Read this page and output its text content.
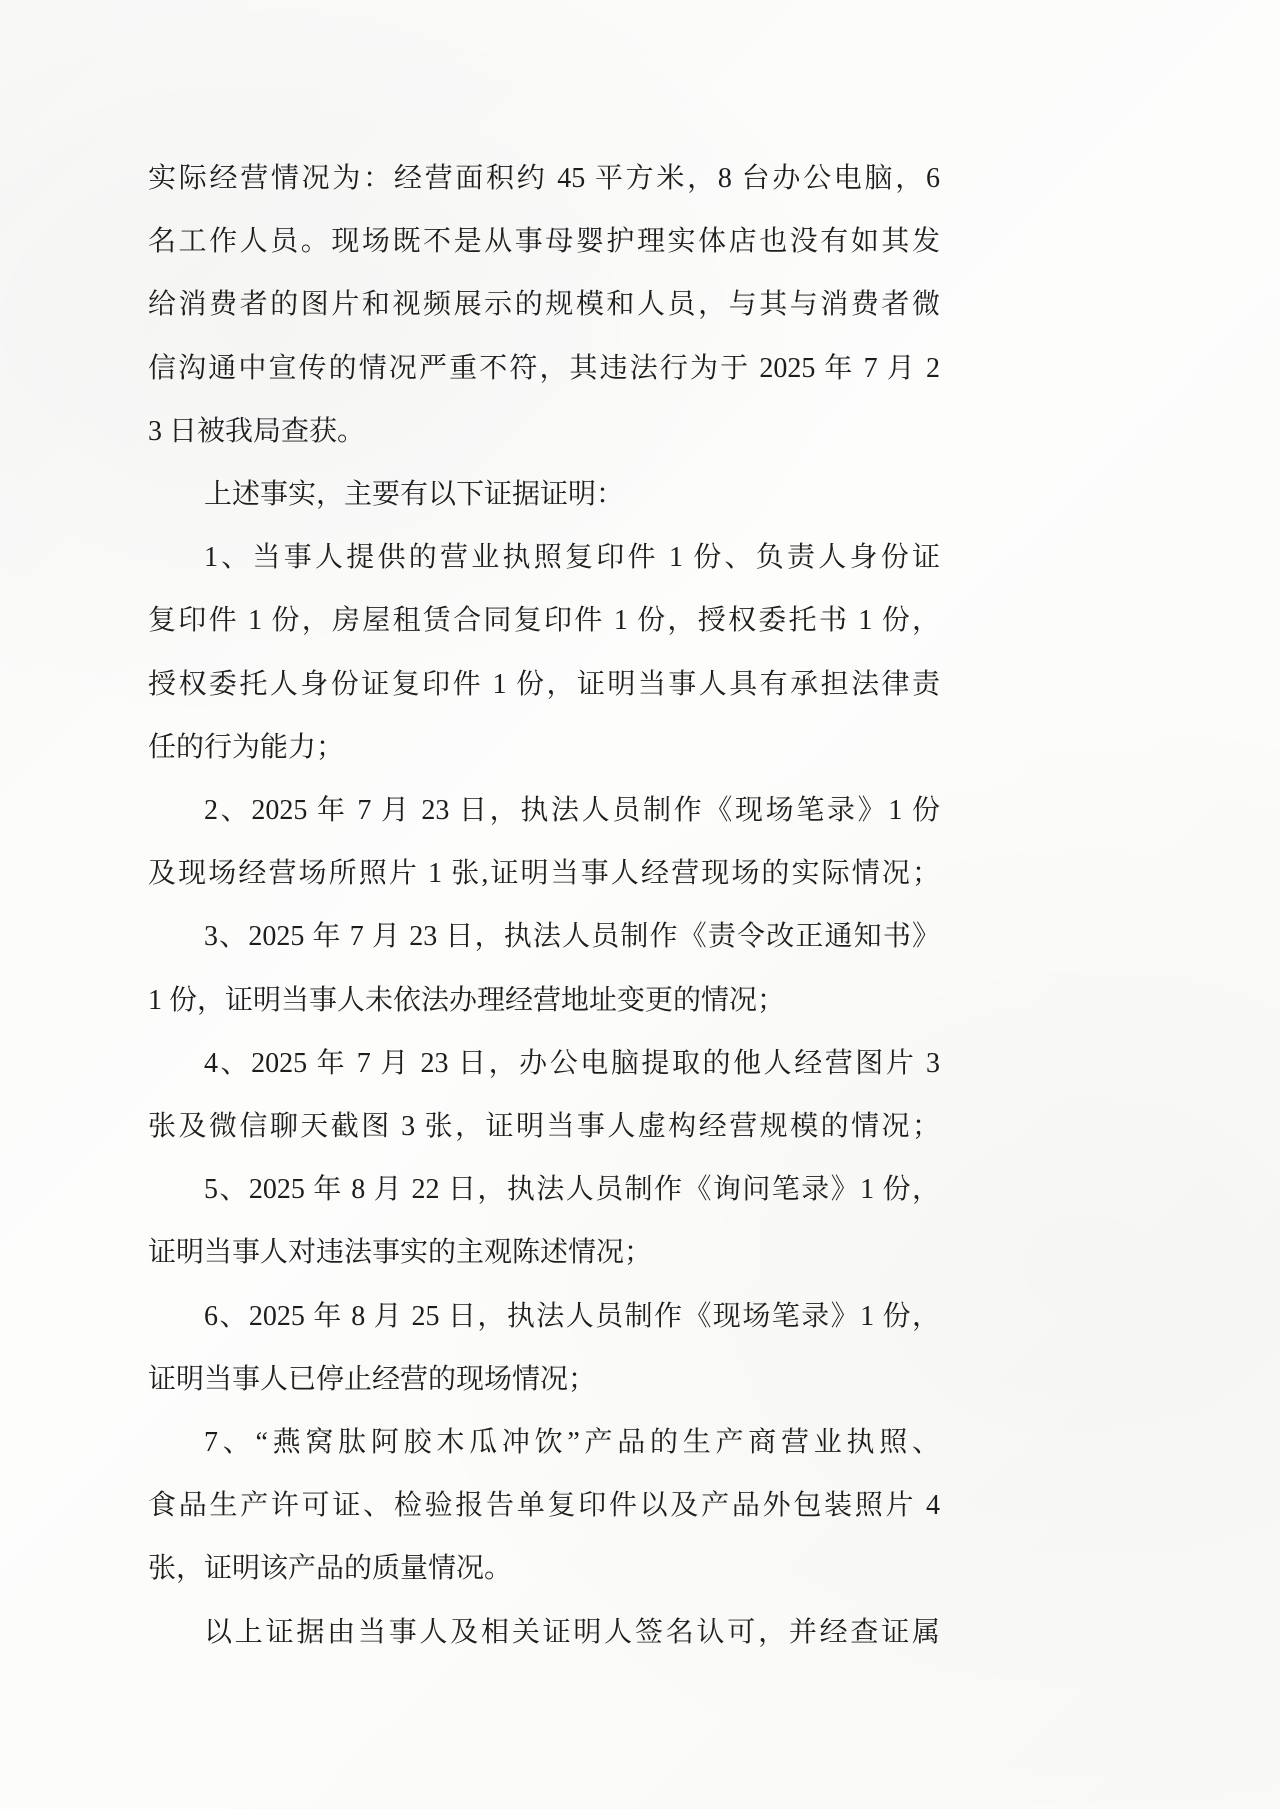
实际经营情况为：经营面积约 45 平方米，8 台办公电脑，6
名工作人员。现场既不是从事母婴护理实体店也没有如其发
给消费者的图片和视频展示的规模和人员，与其与消费者微
信沟通中宣传的情况严重不符，其违法行为于 2025 年 7 月 2
3 日被我局查获。
上述事实，主要有以下证据证明：
1、当事人提供的营业执照复印件 1 份、负责人身份证
复印件 1 份，房屋租赁合同复印件 1 份，授权委托书 1 份，
授权委托人身份证复印件 1 份，证明当事人具有承担法律责
任的行为能力；
2、2025 年 7 月 23 日，执法人员制作《现场笔录》1 份
及现场经营场所照片 1 张,证明当事人经营现场的实际情况；
3、2025 年 7 月 23 日，执法人员制作《责令改正通知书》
1 份，证明当事人未依法办理经营地址变更的情况；
4、2025 年 7 月 23 日，办公电脑提取的他人经营图片 3
张及微信聊天截图 3 张，证明当事人虚构经营规模的情况；
5、2025 年 8 月 22 日，执法人员制作《询问笔录》1 份，
证明当事人对违法事实的主观陈述情况；
6、2025 年 8 月 25 日，执法人员制作《现场笔录》1 份，
证明当事人已停止经营的现场情况；
7、“燕窝肽阿胶木瓜冲饮”产品的生产商营业执照、
食品生产许可证、检验报告单复印件以及产品外包装照片 4
张，证明该产品的质量情况。
以上证据由当事人及相关证明人签名认可，并经查证属
